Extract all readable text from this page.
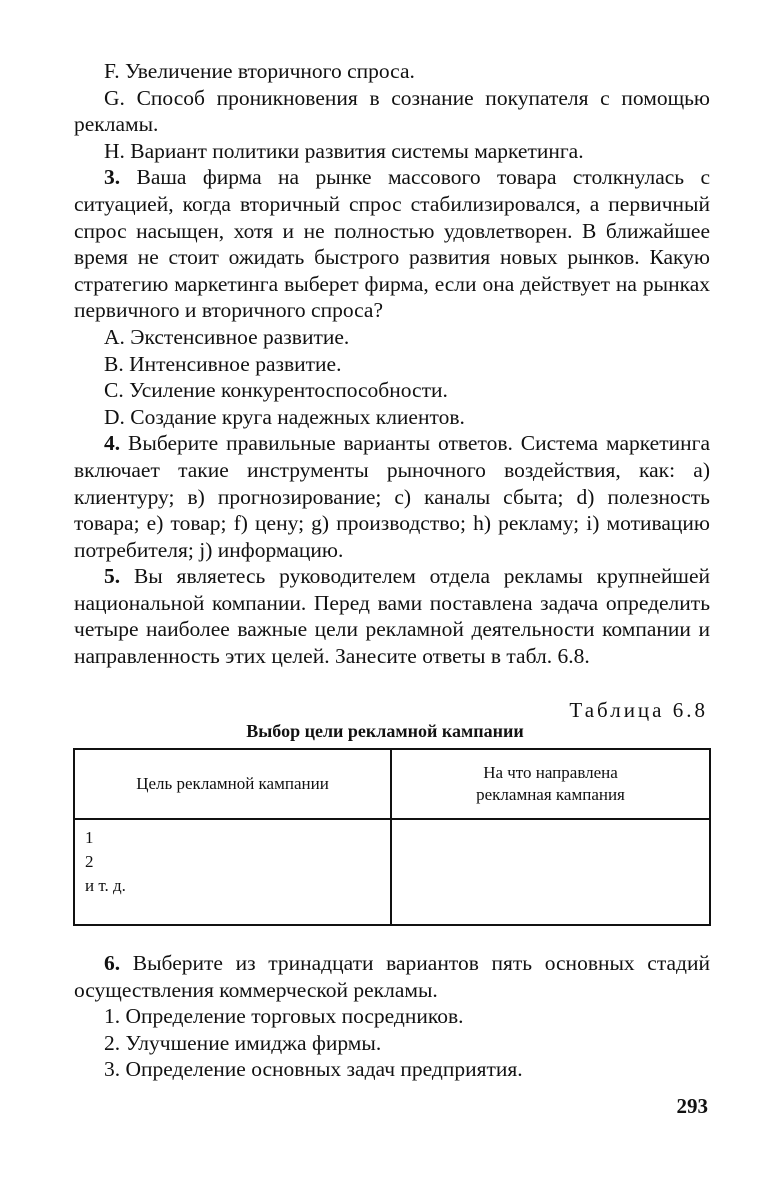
F. Увеличение вторичного спроса.

G. Способ проникновения в сознание покупателя с помощью рекламы.

H. Вариант политики развития системы маркетинга.

3. Ваша фирма на рынке массового товара столкнулась с ситуацией, когда вторичный спрос стабилизировался, а первичный спрос насыщен, хотя и не полностью удовлетворен. В ближайшее время не стоит ожидать быстрого развития новых рынков. Какую стратегию маркетинга выберет фирма, если она действует на рынках первичного и вторичного спроса?

A. Экстенсивное развитие.

B. Интенсивное развитие.

C. Усиление конкурентоспособности.

D. Создание круга надежных клиентов.

4. Выберите правильные варианты ответов. Система маркетинга включает такие инструменты рыночного воздействия, как: а) клиентуру; в) прогнозирование; с) каналы сбыта; d) полезность товара; е) товар; f) цену; g) производство; h) рекламу; i) мотивацию потребителя; j) информацию.

5. Вы являетесь руководителем отдела рекламы крупнейшей национальной компании. Перед вами поставлена задача определить четыре наиболее важные цели рекламной деятельности компании и направленность этих целей. Занесите ответы в табл. 6.8.

Таблица 6.8
Выбор цели рекламной кампании
Цель рекламной кампании	На что направлена
рекламная кампания

1
2
и т. д.	

6. Выберите из тринадцати вариантов пять основных стадий осуществления коммерческой рекламы.

1. Определение торговых посредников.

2. Улучшение имиджа фирмы.

3. Определение основных задач предприятия.

293
